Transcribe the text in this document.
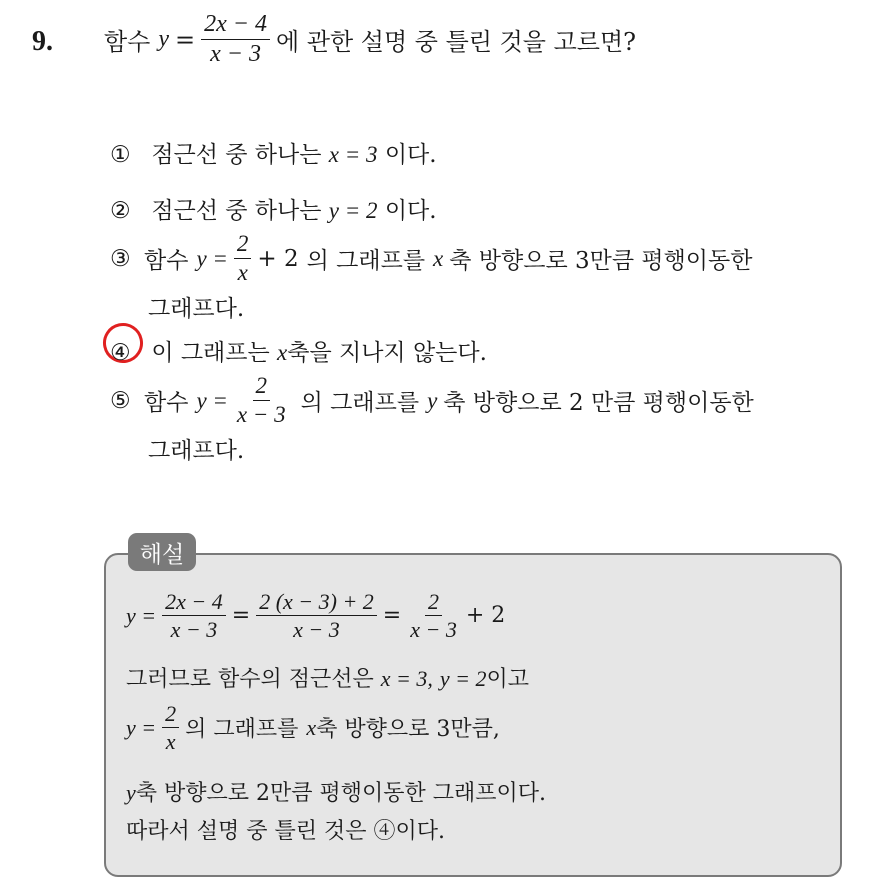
9. 함수 $y = \frac{2x - 4}{x - 3}$ 에 관한 설명 중 틀린 것을 고르면?
① 점근선 중 하나는 x = 3 이다.
② 점근선 중 하나는 y = 2 이다.
③ 함수 $y = \frac{2}{x} + 2$ 의 그래프를 x 축 방향으로 3만큼 평행이동한
그래프다.
④ 이 그래프는 x축을 지나지 않는다.
⑤ 함수 $y = \frac{2}{x - 3}$ 의 그래프를 y 축 방향으로 2 만큼 평행이동한
그래프다.
해설
$y = \frac{2x - 4}{x - 3} = \frac{2 (x - 3) + 2}{x - 3} = \frac{2}{x - 3} + 2$
그러므로 함수의 점근선은 x = 3, y = 2이고
$y = \frac{2}{x}$ 의 그래프를 x 축 방향으로 3만큼,
y축 방향으로 2만큼 평행이동한 그래프이다.
따라서 설명 중 틀린 것은 ④이다.
